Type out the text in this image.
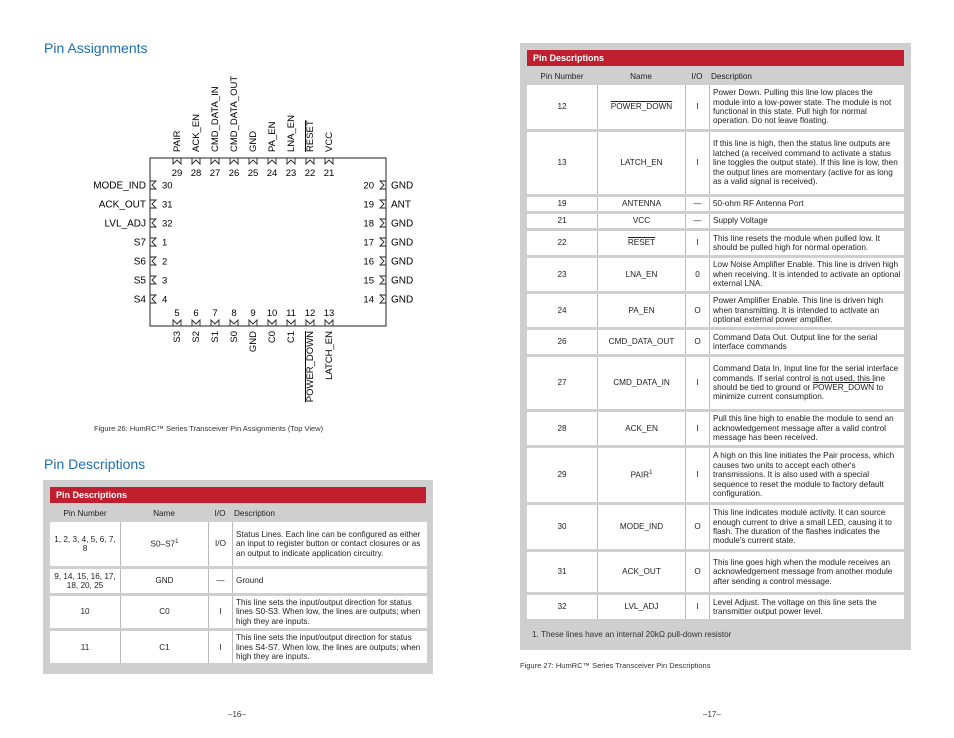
Pin Assignments
29
PAIR
28
ACK_EN
27
CMD_DATA_IN
26
CMD_DATA_OUT
25
GND
24
PA_EN
23
LNA_EN
22
RESET
21
VCC
5
S3
6
S2
7
S1
8
S0
9
GND
10
C0
11
C1
12
POWER_DOWN
13
LATCH_EN
30
MODE_IND
31
ACK_OUT
32
LVL_ADJ
1
S7
2
S6
3
S5
4
S4
20 GND
19 ANT
18 GND
17 GND
16 GND
15 GND
14 GND
Figure 26: HumRC™ Series Transceiver Pin Assignments (Top View)
Pin Descriptions
Pin Descriptions
Pin Number	Name	I/O	Description
1, 2, 3, 4, 5, 6, 7, 8	$S0-S7^1$	I/O	Status Lines. Each line can be configured as either an input to register button or contact closures or as an output to indicate application circuitry.
9, 14, 15, 16, 17, 18, 20, 25	GND	—	Ground
10	C0	I	This line sets the input/output direction for status lines S0-S3. When low, the lines are outputs; when high they are inputs.
11	C1	I	This line sets the input/output direction for status lines S4-S7. When low, the lines are outputs; when high they are inputs.
–16–
Pin Descriptions
Pin Number	Name	I/O	Description
12	POWER_DOWN	I	Power Down. Pulling this line low places the module into a low-power state. The module is not functional in this state. Pull high for normal operation. Do not leave floating.
13	LATCH_EN	I	If this line is high, then the status line outputs are latched (a received command to activate a status line toggles the output state). If this line is low, then the output lines are momentary (active for as long as a valid signal is received).
19	ANTENNA	—	50-ohm RF Antenna Port
21	VCC	—	Supply Voltage
22	RESET	I	This line resets the module when pulled low. It should be pulled high for normal operation.
23	LNA_EN	0	Low Noise Amplifier Enable. This line is driven high when receiving. It is intended to activate an optional external LNA.
24	PA_EN	O	Power Amplifier Enable. This line is driven high when transmitting. It is intended to activate an optional external power amplifier.
26	CMD_DATA_OUT	O	Command Data Out. Output line for the serial interface commands
27	CMD_DATA_IN	I	Command Data In. Input line for the serial interface commands. If serial control is not used, this line should be tied to ground or POWER_DOWN to minimize current consumption.
28	ACK_EN	I	Pull this line high to enable the module to send an acknowledgement message after a valid control message has been received.
29	PAIR$^1$	I	A high on this line initiates the Pair process, which causes two units to accept each other's transmissions. It is also used with a special sequence to reset the module to factory default configuration.
30	MODE_IND	O	This line indicates module activity. It can source enough current to drive a small LED, causing it to flash. The duration of the flashes indicates the module's current state.
31	ACK_OUT	O	This line goes high when the module receives an acknowledgement message from another module after sending a control message.
32	LVL_ADJ	I	Level Adjust. The voltage on this line sets the transmitter output power level.
1. These lines have an internal 20kΩ pull-down resistor
Figure 27: HumRC™ Series Transceiver Pin Descriptions
–17–
